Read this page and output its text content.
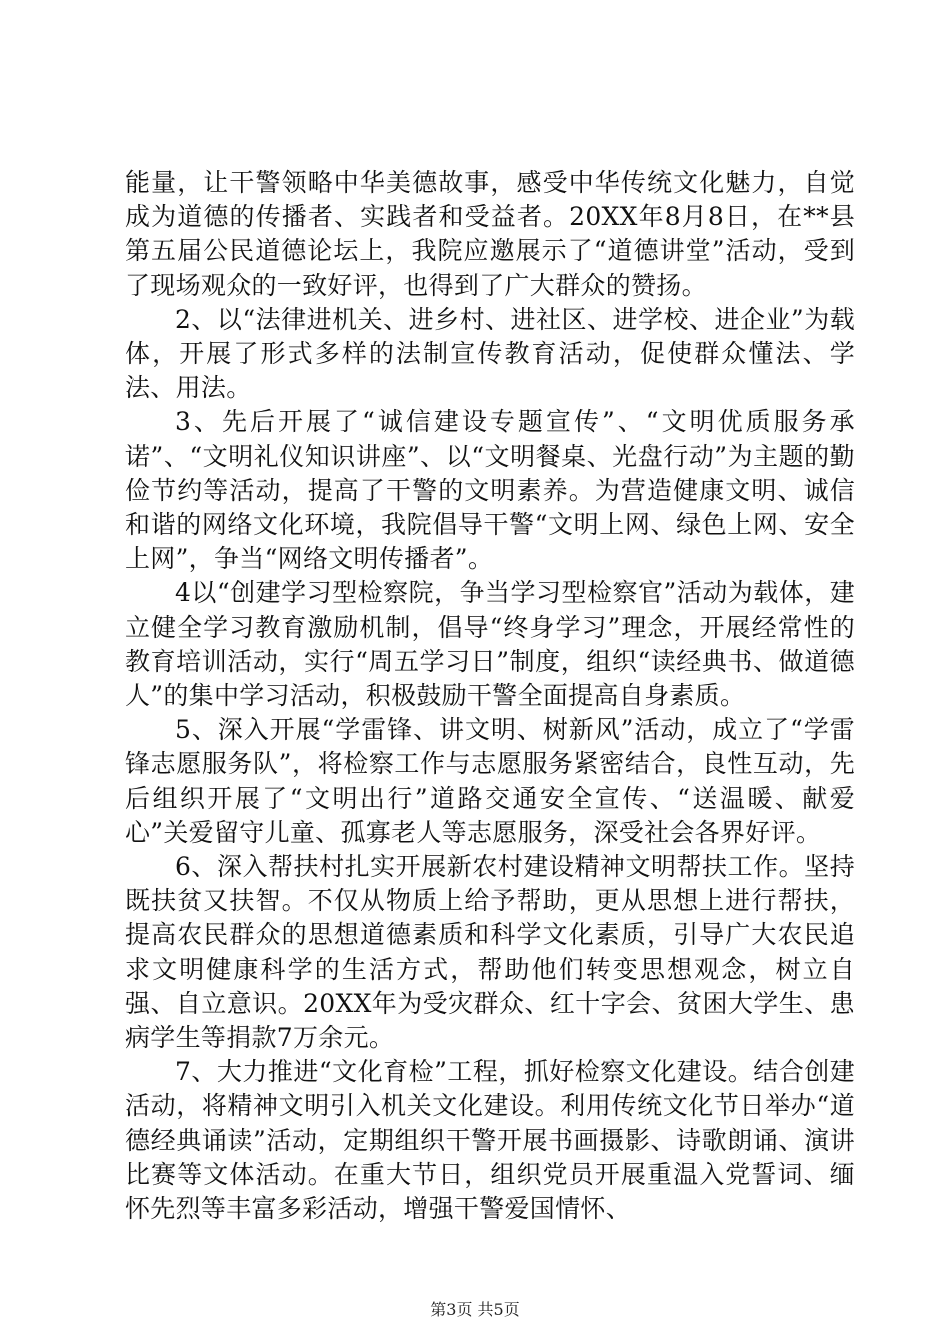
能量，让干警领略中华美德故事，感受中华传统文化魅力，自觉成为道德的传播者、实践者和受益者。20XX年8月8日，在**县第五届公民道德论坛上，我院应邀展示了“道德讲堂”活动，受到了现场观众的一致好评，也得到了广大群众的赞扬。

2、以“法律进机关、进乡村、进社区、进学校、进企业”为载体，开展了形式多样的法制宣传教育活动，促使群众懂法、学法、用法。

3、先后开展了“诚信建设专题宣传”、“文明优质服务承诺”、“文明礼仪知识讲座”、以“文明餐桌、光盘行动”为主题的勤俭节约等活动，提高了干警的文明素养。为营造健康文明、诚信和谐的网络文化环境，我院倡导干警“文明上网、绿色上网、安全上网”，争当“网络文明传播者”。

4以“创建学习型检察院，争当学习型检察官”活动为载体，建立健全学习教育激励机制，倡导“终身学习”理念，开展经常性的教育培训活动，实行“周五学习日”制度，组织“读经典书、做道德人”的集中学习活动，积极鼓励干警全面提高自身素质。

5、深入开展“学雷锋、讲文明、树新风”活动，成立了“学雷锋志愿服务队”，将检察工作与志愿服务紧密结合，良性互动，先后组织开展了“文明出行”道路交通安全宣传、“送温暖、献爱心”关爱留守儿童、孤寡老人等志愿服务，深受社会各界好评。

6、深入帮扶村扎实开展新农村建设精神文明帮扶工作。坚持既扶贫又扶智。不仅从物质上给予帮助，更从思想上进行帮扶，提高农民群众的思想道德素质和科学文化素质，引导广大农民追求文明健康科学的生活方式，帮助他们转变思想观念，树立自强、自立意识。20XX年为受灾群众、红十字会、贫困大学生、患病学生等捐款7万余元。

7、大力推进“文化育检”工程，抓好检察文化建设。结合创建活动，将精神文明引入机关文化建设。利用传统文化节日举办“道德经典诵读”活动，定期组织干警开展书画摄影、诗歌朗诵、演讲比赛等文体活动。在重大节日，组织党员开展重温入党誓词、缅怀先烈等丰富多彩活动，增强干警爱国情怀、

第3页 共5页
